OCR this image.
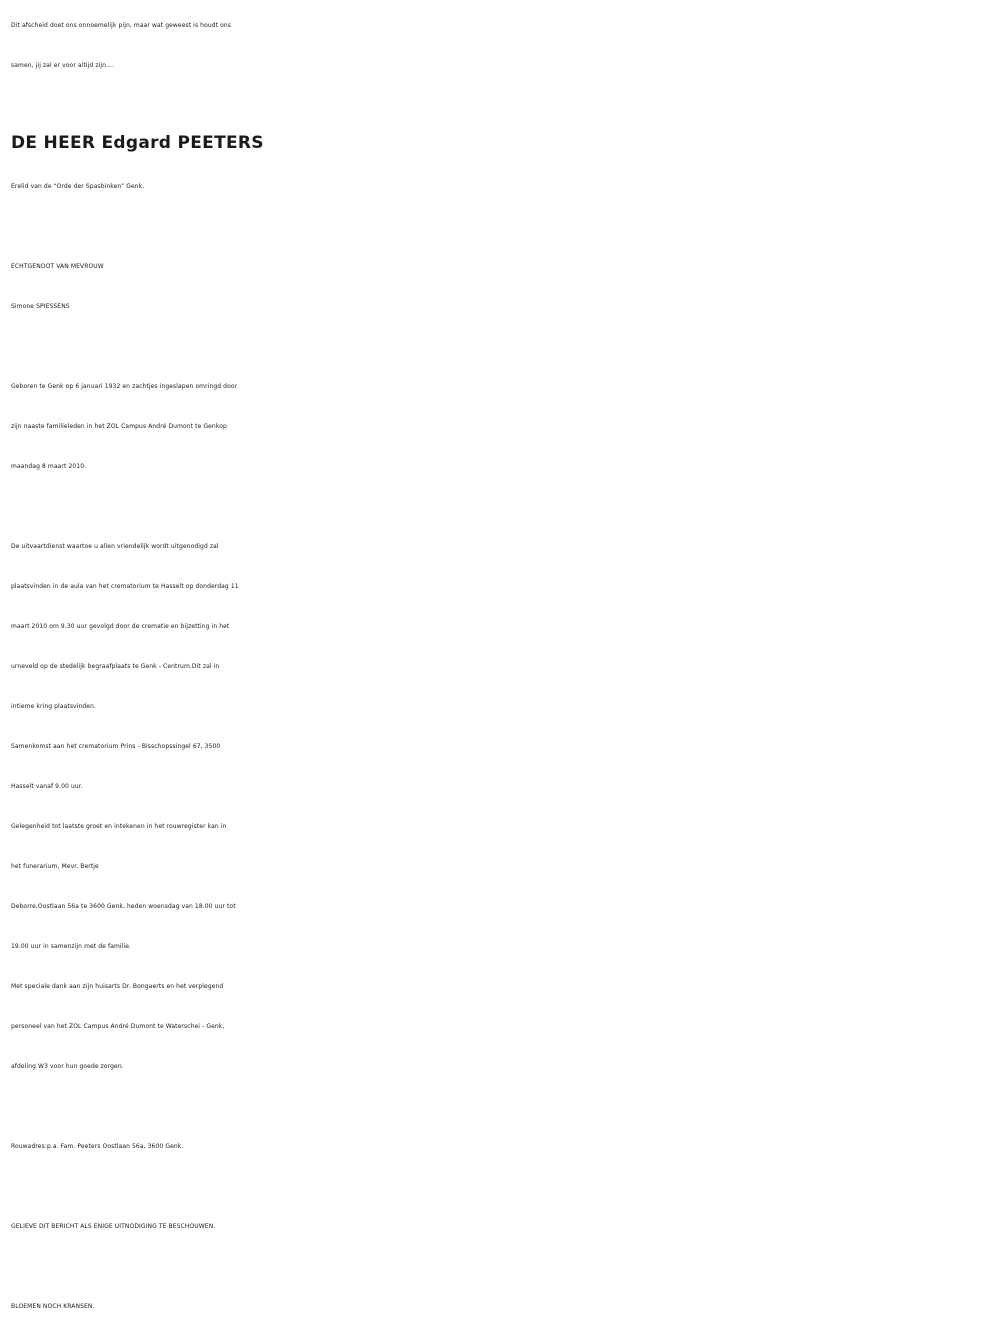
Dit afscheid doet ons onnoemelijk pijn, maar wat geweest is houdt ons
samen, jij zal er voor altijd zijn....
DE HEER Edgard PEETERS
Erelid van de “Orde der Spasbinken” Genk.
ECHTGENOOT VAN MEVROUW
Simone SPIESSENS
Geboren te Genk op 6 januari 1932 en zachtjes ingeslapen omringd door
zijn naaste familieleden in het ZOL Campus André Dumont te Genkop
maandag 8 maart 2010.
De uitvaartdienst waartoe u allen vriendelijk wordt uitgenodigd zal
plaatsvinden in de aula van het crematorium te Hasselt op donderdag 11
maart 2010 om 9.30 uur gevolgd door de crematie en bijzetting in het
urneveld op de stedelijk begraafplaats te Genk - Centrum.Dit zal in
intieme kring plaatsvinden.
Samenkomst aan het crematorium Prins - Bisschopssingel 67, 3500
Hasselt vanaf 9.00 uur.
Gelegenheid tot laatste groet en intekenen in het rouwregister kan in
het funerarium, Mevr. Bertje
Deborre,Oostlaan 56a te 3600 Genk, heden woensdag van 18.00 uur tot
19.00 uur in samenzijn met de familie.
Met speciale dank aan zijn huisarts Dr. Bongaerts en het verplegend
personeel van het ZOL Campus André Dumont te Waterschei - Genk,
afdeling W3 voor hun goede zorgen.
Rouwadres:p.a. Fam. Peeters Oostlaan 56a, 3600 Genk.
GELIEVE DIT BERICHT ALS ENIGE UITNODIGING TE BESCHOUWEN.
BLOEMEN NOCH KRANSEN.
